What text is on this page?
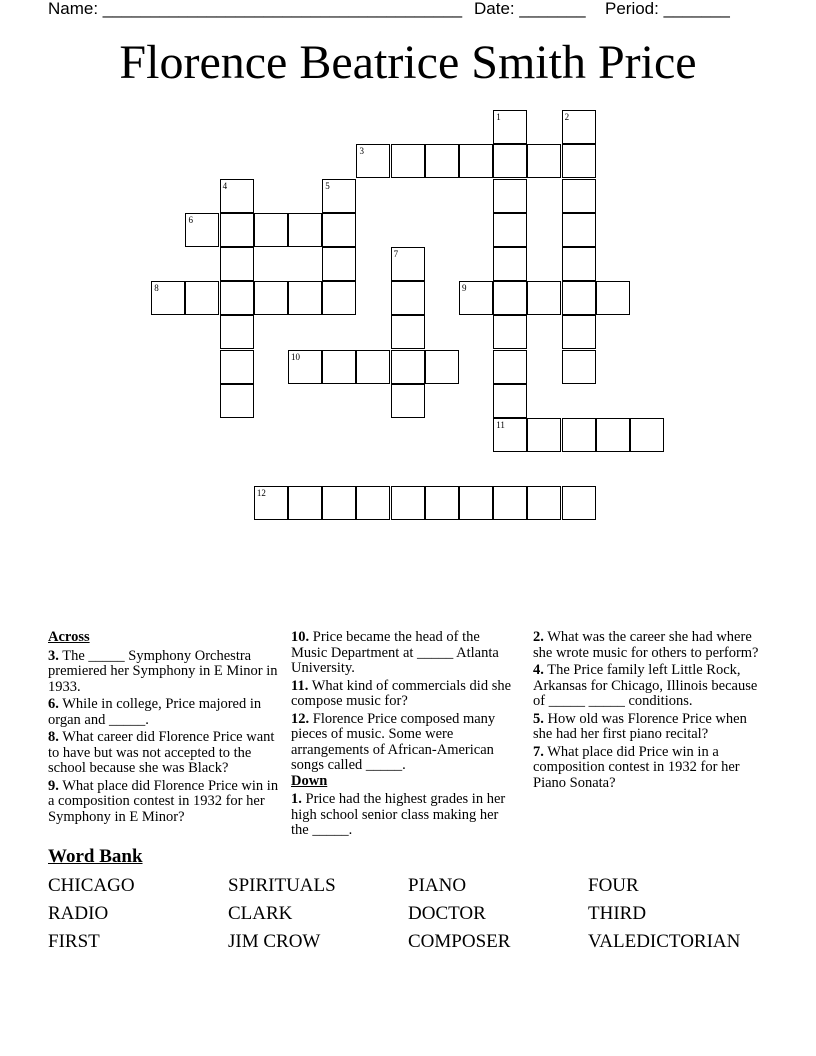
Name: ______________________________________ Date: _______ Period: _______
Florence Beatrice Smith Price
1	2
3
4	5
6
7
8	9
10
11
12
Across
3. The _____ Symphony Orchestra premiered her Symphony in E Minor in 1933.
6. While in college, Price majored in organ and _____.
8. What career did Florence Price want to have but was not accepted to the school because she was Black?
9. What place did Florence Price win in a composition contest in 1932 for her Symphony in E Minor?
10. Price became the head of the Music Department at _____ Atlanta University.
11. What kind of commercials did she compose music for?
12. Florence Price composed many pieces of music. Some were arrangements of African-American songs called _____.
Down
1. Price had the highest grades in her high school senior class making her the _____.
2. What was the career she had where she wrote music for others to perform?
4. The Price family left Little Rock, Arkansas for Chicago, Illinois because of _____ _____ conditions.
5. How old was Florence Price when she had her first piano recital?
7. What place did Price win in a composition contest in 1932 for her Piano Sonata?
Word Bank
CHICAGO	SPIRITUALS	PIANO	FOUR
RADIO	CLARK	DOCTOR	THIRD
FIRST	JIM CROW	COMPOSER	VALEDICTORIAN
